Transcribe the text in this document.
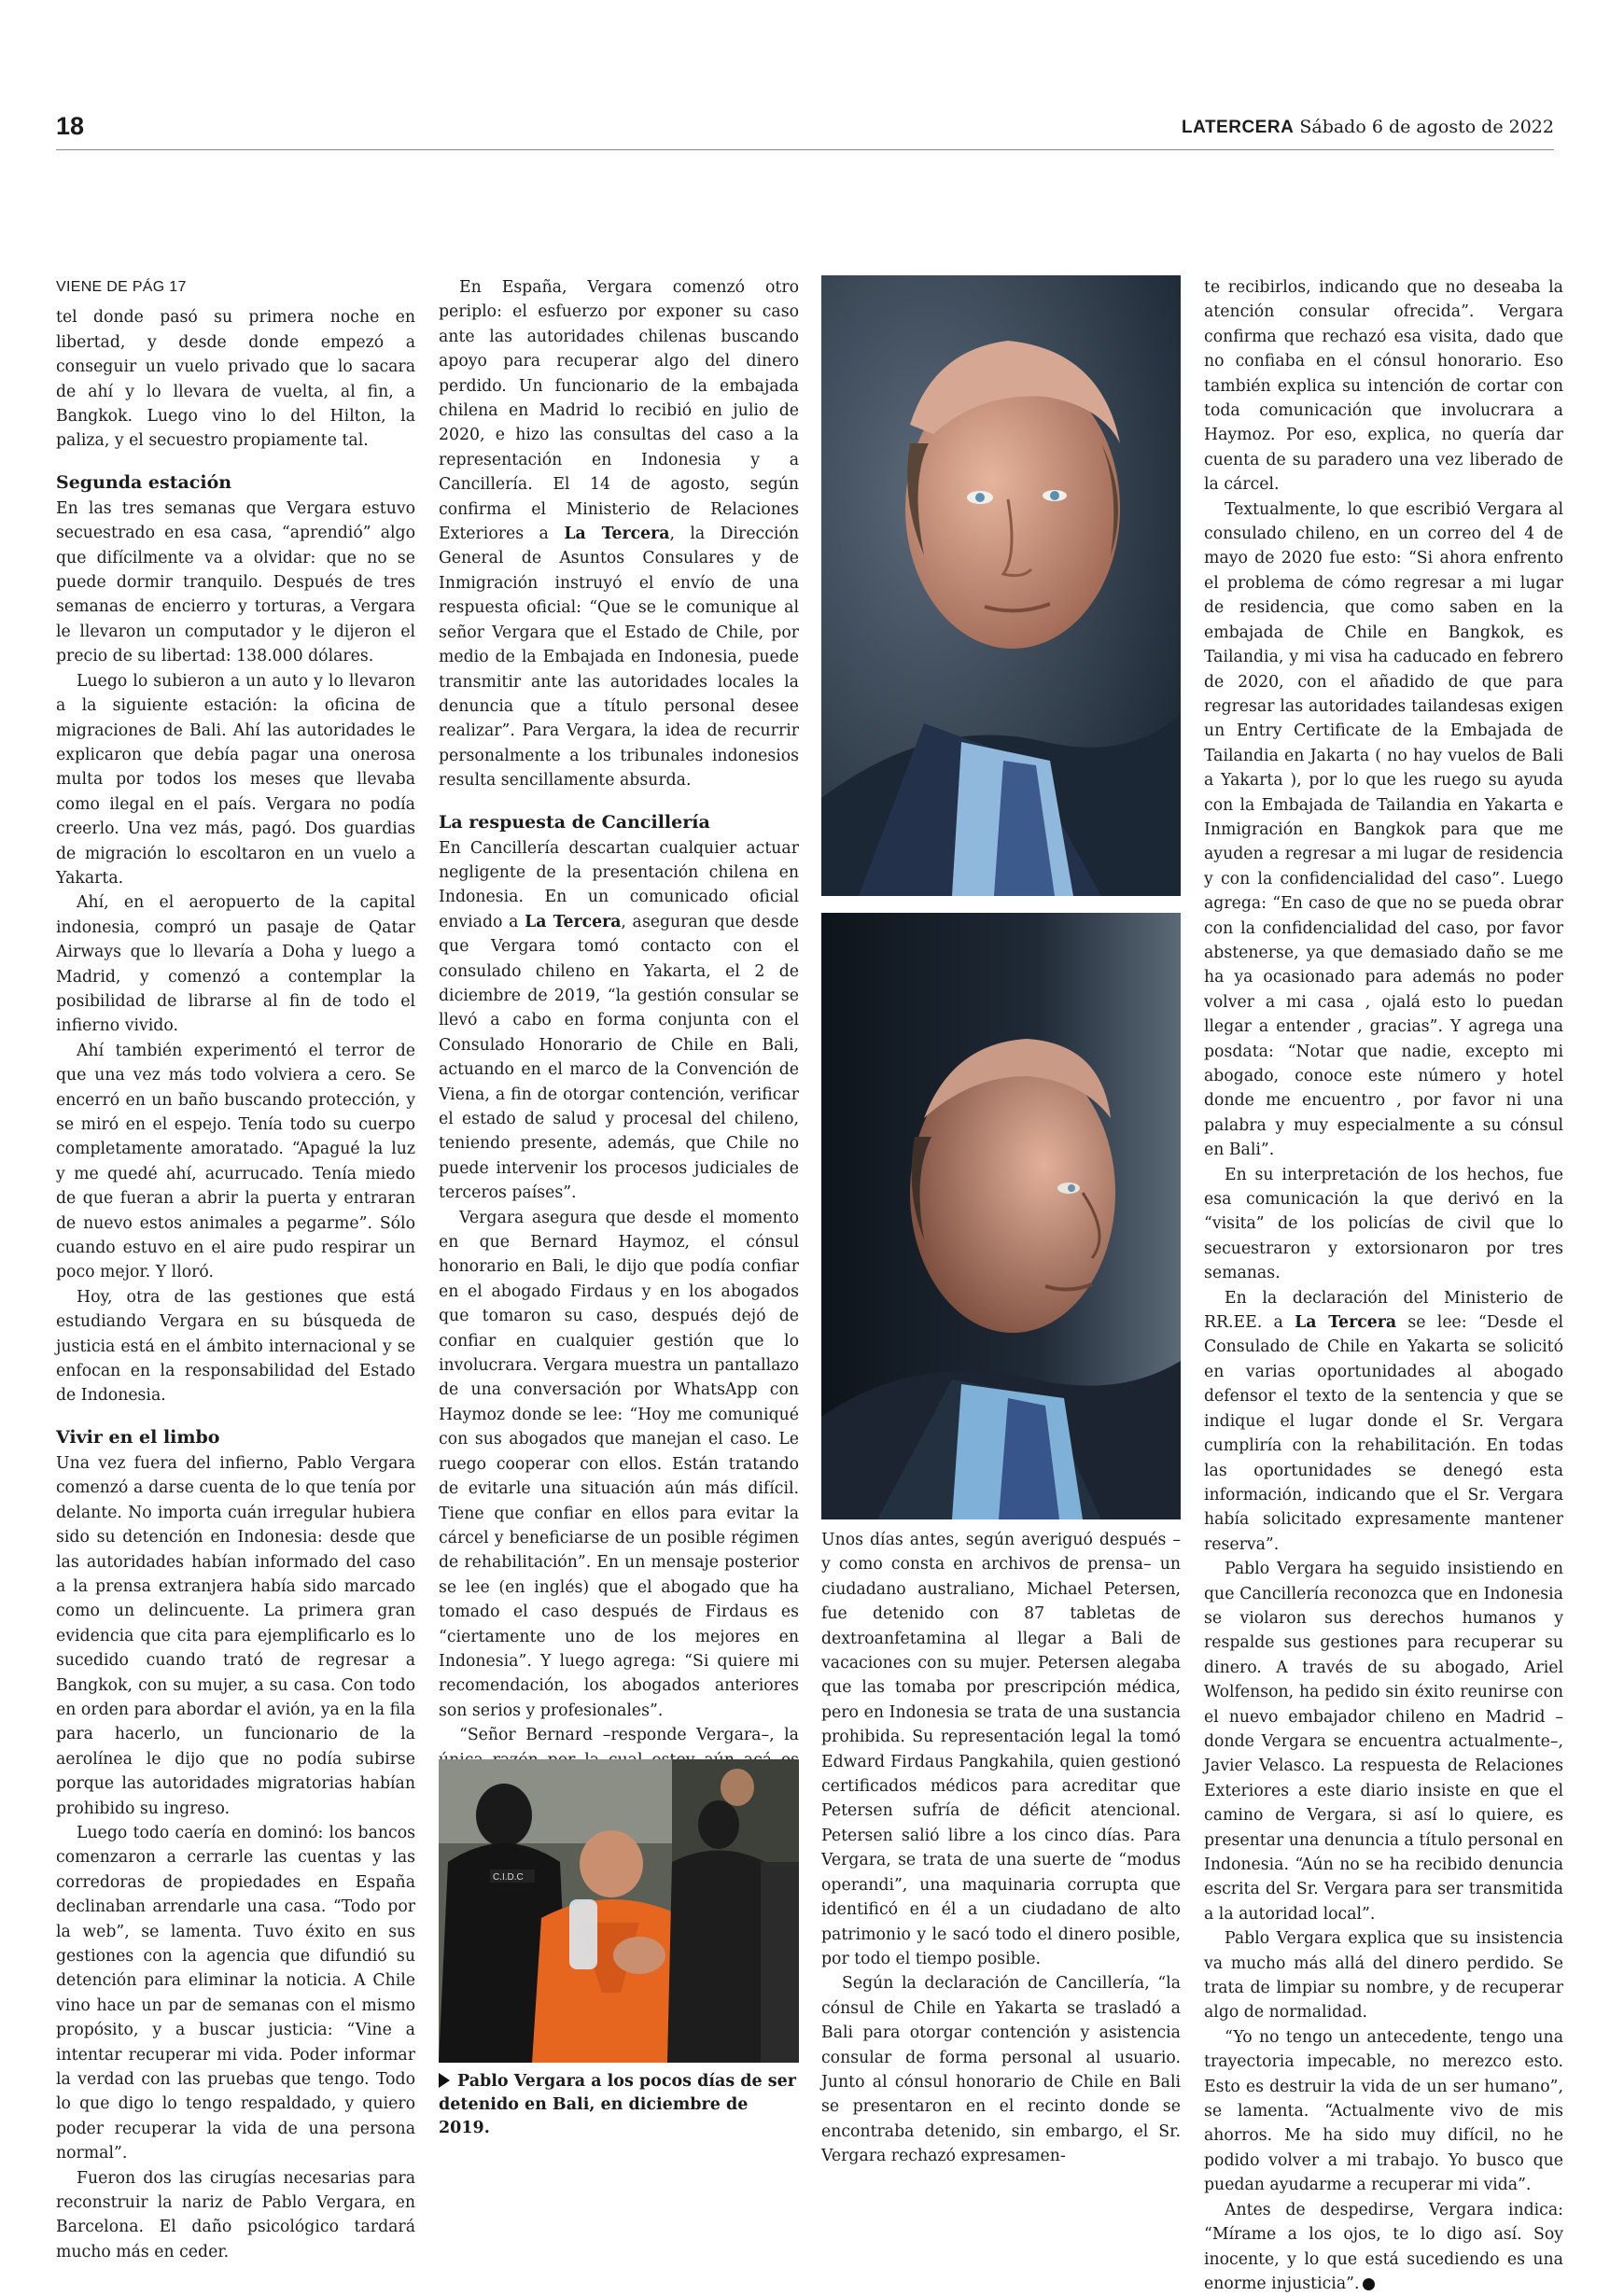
18	LATERCERA Sábado 6 de agosto de 2022
VIENE DE PÁG 17

tel donde pasó su primera noche en libertad, y desde donde empezó a conseguir un vuelo privado que lo sacara de ahí y lo llevara de vuelta, al fin, a Bangkok. Luego vino lo del Hilton, la paliza, y el secuestro propiamente tal.

Segunda estación

En las tres semanas que Vergara estuvo secuestrado en esa casa, “aprendió” algo que difícilmente va a olvidar: que no se puede dormir tranquilo. Después de tres semanas de encierro y torturas, a Vergara le llevaron un computador y le dijeron el precio de su libertad: 138.000 dólares.

Luego lo subieron a un auto y lo llevaron a la siguiente estación: la oficina de migraciones de Bali. Ahí las autoridades le explicaron que debía pagar una onerosa multa por todos los meses que llevaba como ilegal en el país. Vergara no podía creerlo. Una vez más, pagó. Dos guardias de migración lo escoltaron en un vuelo a Yakarta.

Ahí, en el aeropuerto de la capital indonesia, compró un pasaje de Qatar Airways que lo llevaría a Doha y luego a Madrid, y comenzó a contemplar la posibilidad de librarse al fin de todo el infierno vivido.

Ahí también experimentó el terror de que una vez más todo volviera a cero. Se encerró en un baño buscando protección, y se miró en el espejo. Tenía todo su cuerpo completamente amoratado. “Apagué la luz y me quedé ahí, acurrucado. Tenía miedo de que fueran a abrir la puerta y entraran de nuevo estos animales a pegarme”. Sólo cuando estuvo en el aire pudo respirar un poco mejor. Y lloró.

Hoy, otra de las gestiones que está estudiando Vergara en su búsqueda de justicia está en el ámbito internacional y se enfocan en la responsabilidad del Estado de Indonesia.

Vivir en el limbo

Una vez fuera del infierno, Pablo Vergara comenzó a darse cuenta de lo que tenía por delante. No importa cuán irregular hubiera sido su detención en Indonesia: desde que las autoridades habían informado del caso a la prensa extranjera había sido marcado como un delincuente. La primera gran evidencia que cita para ejemplificarlo es lo sucedido cuando trató de regresar a Bangkok, con su mujer, a su casa. Con todo en orden para abordar el avión, ya en la fila para hacerlo, un funcionario de la aerolínea le dijo que no podía subirse porque las autoridades migratorias habían prohibido su ingreso.

Luego todo caería en dominó: los bancos comenzaron a cerrarle las cuentas y las corredoras de propiedades en España declinaban arrendarle una casa. “Todo por la web”, se lamenta. Tuvo éxito en sus gestiones con la agencia que difundió su detención para eliminar la noticia. A Chile vino hace un par de semanas con el mismo propósito, y a buscar justicia: “Vine a intentar recuperar mi vida. Poder informar la verdad con las pruebas que tengo. Todo lo que digo lo tengo respaldado, y quiero poder recuperar la vida de una persona normal”.

Fueron dos las cirugías necesarias para reconstruir la nariz de Pablo Vergara, en Barcelona. El daño psicológico tardará mucho más en ceder.

En España, Vergara comenzó otro periplo: el esfuerzo por exponer su caso ante las autoridades chilenas buscando apoyo para recuperar algo del dinero perdido. Un funcionario de la embajada chilena en Madrid lo recibió en julio de 2020, e hizo las consultas del caso a la representación en Indonesia y a Cancillería. El 14 de agosto, según confirma el Ministerio de Relaciones Exteriores a La Tercera, la Dirección General de Asuntos Consulares y de Inmigración instruyó el envío de una respuesta oficial: “Que se le comunique al señor Vergara que el Estado de Chile, por medio de la Embajada en Indonesia, puede transmitir ante las autoridades locales la denuncia que a título personal desee realizar”. Para Vergara, la idea de recurrir personalmente a los tribunales indonesios resulta sencillamente absurda.

La respuesta de Cancillería

En Cancillería descartan cualquier actuar negligente de la presentación chilena en Indonesia. En un comunicado oficial enviado a La Tercera, aseguran que desde que Vergara tomó contacto con el consulado chileno en Yakarta, el 2 de diciembre de 2019, “la gestión consular se llevó a cabo en forma conjunta con el Consulado Honorario de Chile en Bali, actuando en el marco de la Convención de Viena, a fin de otorgar contención, verificar el estado de salud y procesal del chileno, teniendo presente, además, que Chile no puede intervenir los procesos judiciales de terceros países”.

Vergara asegura que desde el momento en que Bernard Haymoz, el cónsul honorario en Bali, le dijo que podía confiar en el abogado Firdaus y en los abogados que tomaron su caso, después dejó de confiar en cualquier gestión que lo involucrara. Vergara muestra un pantallazo de una conversación por WhatsApp con Haymoz donde se lee: “Hoy me comuniqué con sus abogados que manejan el caso. Le ruego cooperar con ellos. Están tratando de evitarle una situación aún más difícil. Tiene que confiar en ellos para evitar la cárcel y beneficiarse de un posible régimen de rehabilitación”. En un mensaje posterior se lee (en inglés) que el abogado que ha tomado el caso después de Firdaus es “ciertamente uno de los mejores en Indonesia”. Y luego agrega: “Si quiere mi recomendación, los abogados anteriores son serios y profesionales”.

“Señor Bernard –responde Vergara–, la

C.I.D.C
Pablo Vergara a los pocos días de ser detenido en Bali, en diciembre de 2019.

Unos días antes, según averiguó después –y como consta en archivos de prensa– un ciudadano australiano, Michael Petersen, fue detenido con 87 tabletas de dextroanfetamina al llegar a Bali de vacaciones con su mujer. Petersen alegaba que las tomaba por prescripción médica, pero en Indonesia se trata de una sustancia prohibida. Su representación legal la tomó Edward Firdaus Pangkahila, quien gestionó certificados médicos para acreditar que Petersen sufría de déficit atencional. Petersen salió libre a los cinco días. Para Vergara, se trata de una suerte de “modus operandi”, una maquinaria corrupta que identificó en él a un ciudadano de alto patrimonio y le sacó todo el dinero posible, por todo el tiempo posible.

Según la declaración de Cancillería, “la cónsul de Chile en Yakarta se trasladó a Bali para otorgar contención y asistencia consular de forma personal al usuario. Junto al cónsul honorario de Chile en Bali se presentaron en el recinto donde se encontraba detenido, sin embargo, el Sr. Vergara rechazó expresamen-

te recibirlos, indicando que no deseaba la atención consular ofrecida”. Vergara confirma que rechazó esa visita, dado que no confiaba en el cónsul honorario. Eso también explica su intención de cortar con toda comunicación que involucrara a Haymoz. Por eso, explica, no quería dar cuenta de su paradero una vez liberado de la cárcel.

Textualmente, lo que escribió Vergara al consulado chileno, en un correo del 4 de mayo de 2020 fue esto: “Si ahora enfrento el problema de cómo regresar a mi lugar de residencia, que como saben en la embajada de Chile en Bangkok, es Tailandia, y mi visa ha caducado en febrero de 2020, con el añadido de que para regresar las autoridades tailandesas exigen un Entry Certificate de la Embajada de Tailandia en Jakarta ( no hay vuelos de Bali a Yakarta ), por lo que les ruego su ayuda con la Embajada de Tailandia en Yakarta e Inmigración en Bangkok para que me ayuden a regresar a mi lugar de residencia y con la confidencialidad del caso”. Luego agrega: “En caso de que no se pueda obrar con la confidencialidad del caso, por favor abstenerse, ya que demasiado daño se me ha ya ocasionado para además no poder volver a mi casa , ojalá esto lo puedan llegar a entender , gracias”. Y agrega una posdata: “Notar que nadie, excepto mi abogado, conoce este número y hotel donde me encuentro , por favor ni una palabra y muy especialmente a su cónsul en Bali”.

En su interpretación de los hechos, fue esa comunicación la que derivó en la “visita” de los policías de civil que lo secuestraron y extorsionaron por tres semanas.

En la declaración del Ministerio de RR.EE. a La Tercera se lee: “Desde el Consulado de Chile en Yakarta se solicitó en varias oportunidades al abogado defensor el texto de la sentencia y que se indique el lugar donde el Sr. Vergara cumpliría con la rehabilitación. En todas las oportunidades se denegó esta información, indicando que el Sr. Vergara había solicitado expresamente mantener reserva”.

Pablo Vergara ha seguido insistiendo en que Cancillería reconozca que en Indonesia se violaron sus derechos humanos y respalde sus gestiones para recuperar su dinero. A través de su abogado, Ariel Wolfenson, ha pedido sin éxito reunirse con el nuevo embajador chileno en Madrid –donde Vergara se encuentra actualmente–, Javier Velasco. La respuesta de Relaciones Exteriores a este diario insiste en que el camino de Vergara, si así lo quiere, es presentar una denuncia a título personal en Indonesia. “Aún no se ha recibido denuncia escrita del Sr. Vergara para ser transmitida a la autoridad local”.

Pablo Vergara explica que su insistencia va mucho más allá del dinero perdido. Se trata de limpiar su nombre, y de recuperar algo de normalidad.

“Yo no tengo un antecedente, tengo una trayectoria impecable, no merezco esto. Esto es destruir la vida de un ser humano”, se lamenta. “Actualmente vivo de mis ahorros. Me ha sido muy difícil, no he podido volver a mi trabajo. Yo busco que puedan ayudarme a recuperar mi vida”.

Antes de despedirse, Vergara indica: “Mírame a los ojos, te lo digo así. Soy inocente, y lo que está sucediendo es una enorme injusticia”.
